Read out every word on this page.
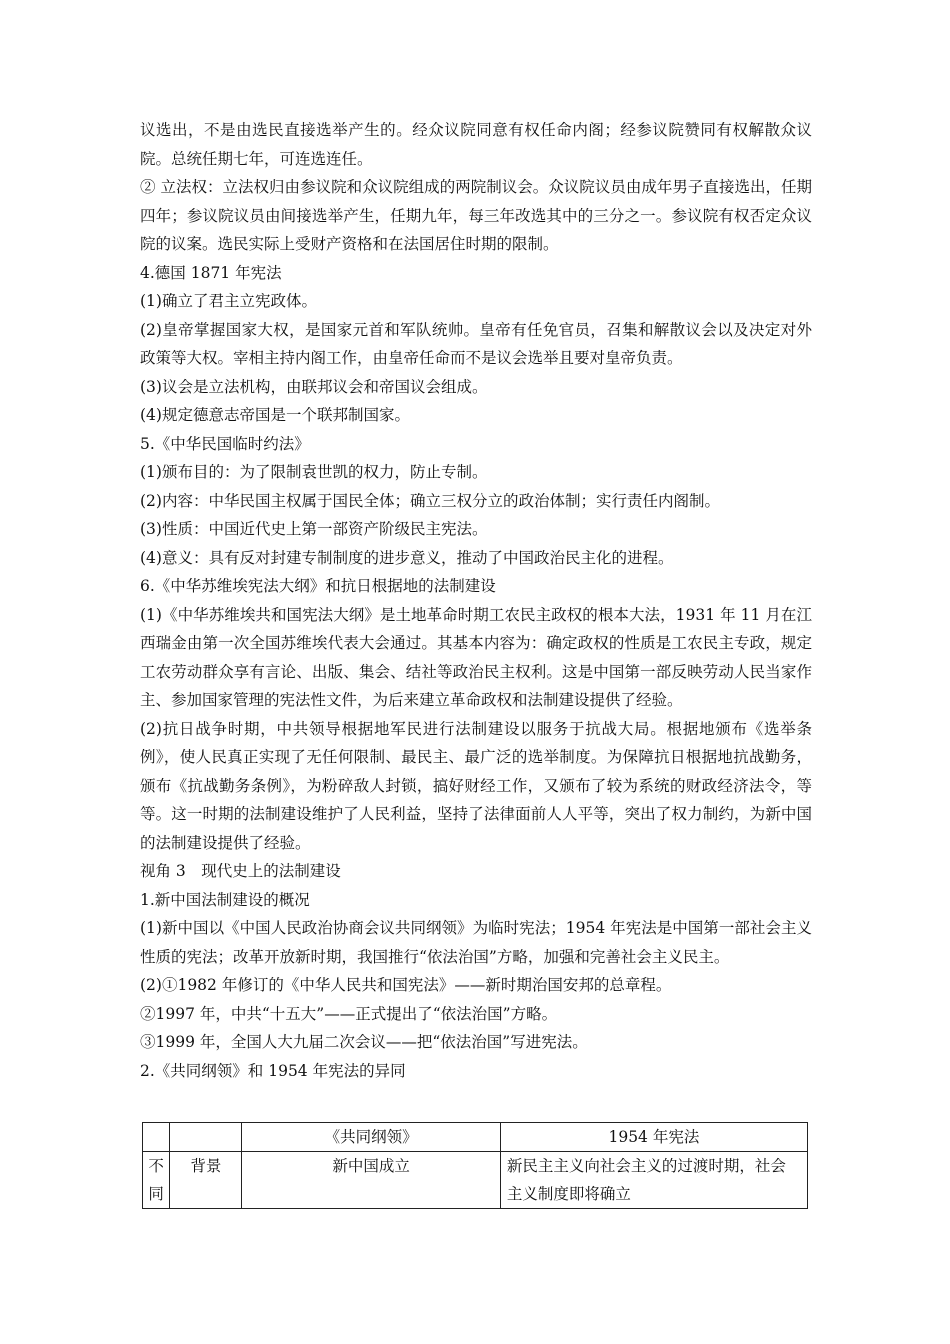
议选出，不是由选民直接选举产生的。经众议院同意有权任命内阁；经参议院赞同有权解散众议院。总统任期七年，可连选连任。

② 立法权：立法权归由参议院和众议院组成的两院制议会。众议院议员由成年男子直接选出，任期四年；参议院议员由间接选举产生，任期九年，每三年改选其中的三分之一。参议院有权否定众议院的议案。选民实际上受财产资格和在法国居住时期的限制。

4.德国 1871 年宪法

(1)确立了君主立宪政体。

(2)皇帝掌握国家大权，是国家元首和军队统帅。皇帝有任免官员，召集和解散议会以及决定对外政策等大权。宰相主持内阁工作，由皇帝任命而不是议会选举且要对皇帝负责。

(3)议会是立法机构，由联邦议会和帝国议会组成。

(4)规定德意志帝国是一个联邦制国家。

5.《中华民国临时约法》

(1)颁布目的：为了限制袁世凯的权力，防止专制。

(2)内容：中华民国主权属于国民全体；确立三权分立的政治体制；实行责任内阁制。

(3)性质：中国近代史上第一部资产阶级民主宪法。

(4)意义：具有反对封建专制制度的进步意义，推动了中国政治民主化的进程。

6.《中华苏维埃宪法大纲》和抗日根据地的法制建设

(1)《中华苏维埃共和国宪法大纲》是土地革命时期工农民主政权的根本大法，1931 年 11 月在江西瑞金由第一次全国苏维埃代表大会通过。其基本内容为：确定政权的性质是工农民主专政，规定工农劳动群众享有言论、出版、集会、结社等政治民主权利。这是中国第一部反映劳动人民当家作主、参加国家管理的宪法性文件，为后来建立革命政权和法制建设提供了经验。

(2)抗日战争时期，中共领导根据地军民进行法制建设以服务于抗战大局。根据地颁布《选举条例》，使人民真正实现了无任何限制、最民主、最广泛的选举制度。为保障抗日根据地抗战勤务，颁布《抗战勤务条例》，为粉碎敌人封锁，搞好财经工作，又颁布了较为系统的财政经济法令，等等。这一时期的法制建设维护了人民利益，坚持了法律面前人人平等，突出了权力制约，为新中国的法制建设提供了经验。

视角 3　现代史上的法制建设

1.新中国法制建设的概况

(1)新中国以《中国人民政治协商会议共同纲领》为临时宪法；1954 年宪法是中国第一部社会主义性质的宪法；改革开放新时期，我国推行“依法治国”方略，加强和完善社会主义民主。

(2)①1982 年修订的《中华人民共和国宪法》——新时期治国安邦的总章程。

②1997 年，中共“十五大”——正式提出了“依法治国”方略。

③1999 年，全国人大九届二次会议——把“依法治国”写进宪法。

2.《共同纲领》和 1954 年宪法的异同

		《共同纲领》	1954 年宪法
不同	背景	新中国成立	新民主主义向社会主义的过渡时期，社会主义制度即将确立
